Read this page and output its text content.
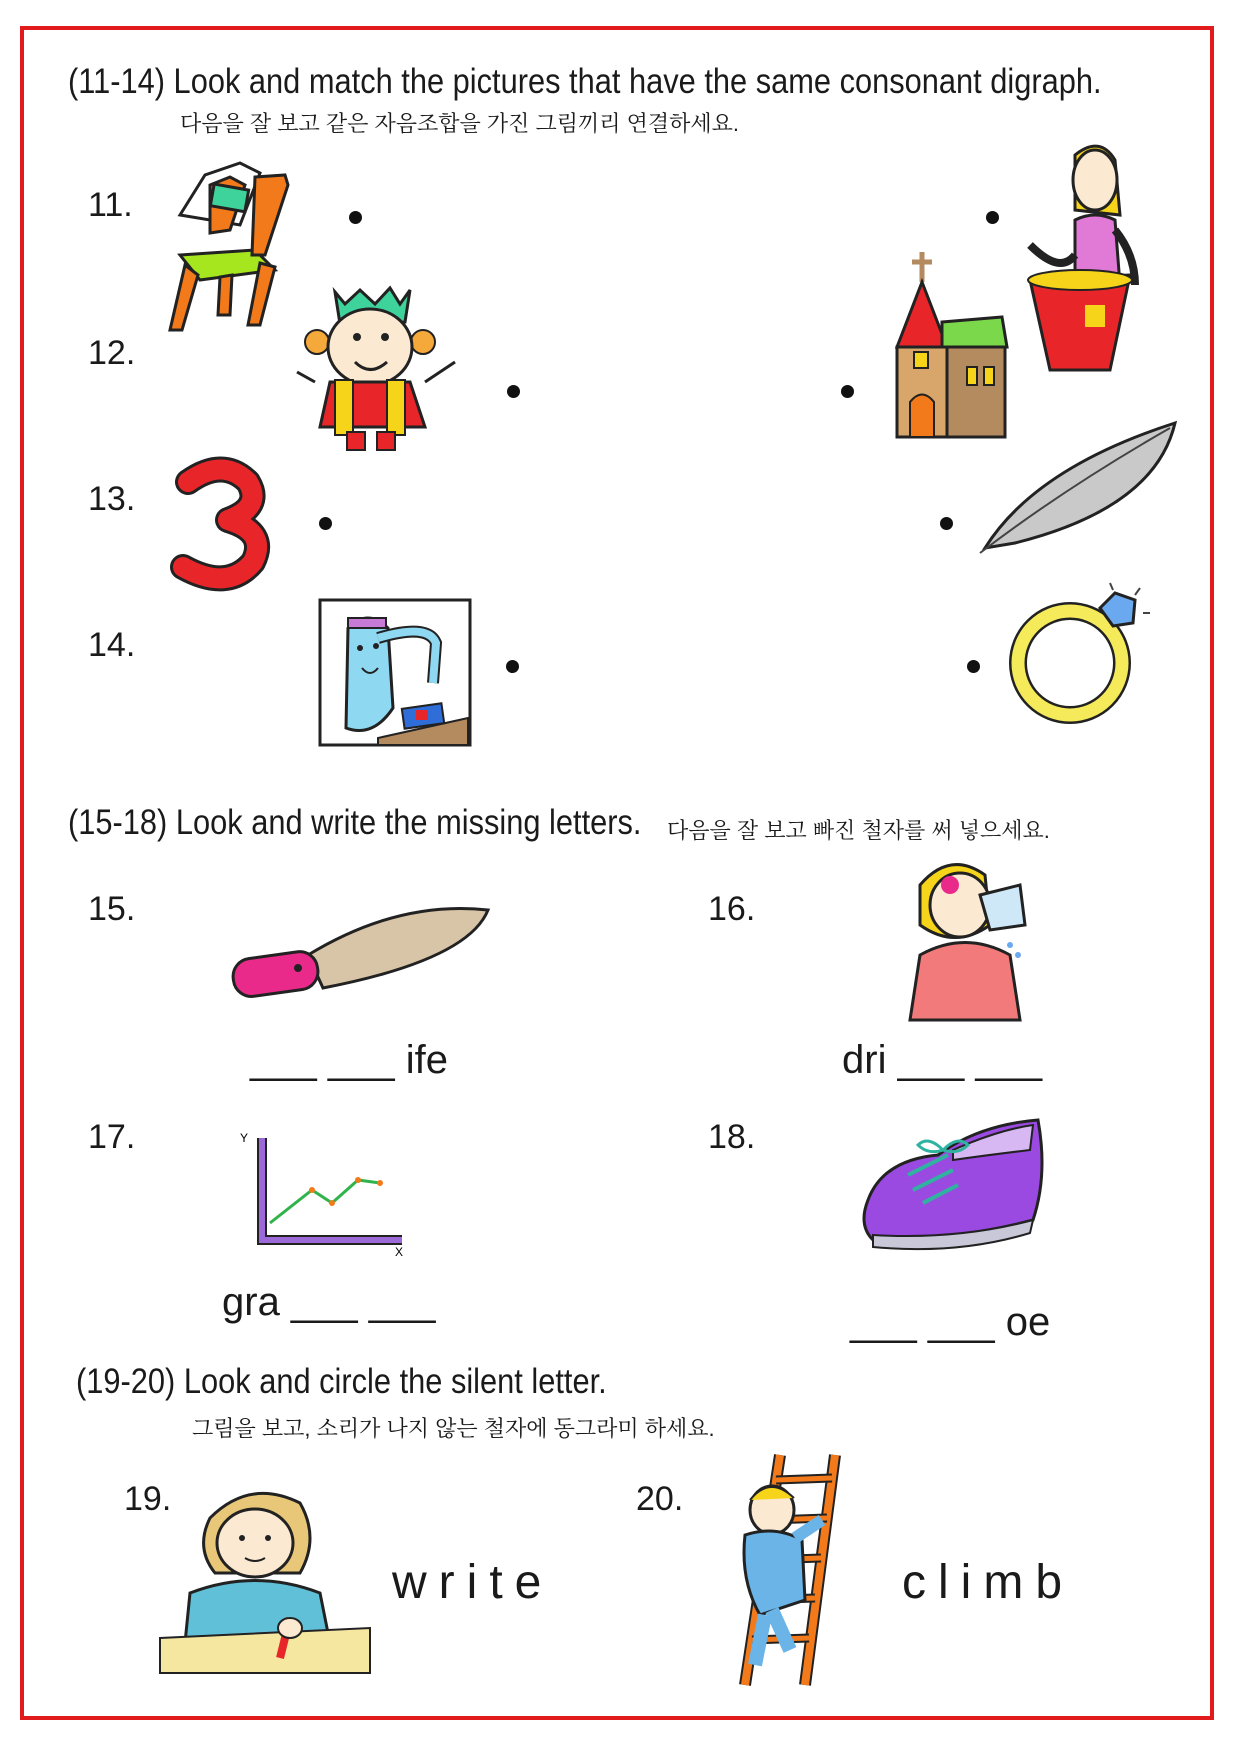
(11-14) Look and match the pictures that have the same consonant digraph.
다음을 잘 보고 같은 자음조합을 가진 그림끼리 연결하세요.
11.
12.
13.
14.
(15-18) Look and write the missing letters. 다음을 잘 보고 빠진 철자를 써 넣으세요.
15.	16.
17.	18.
Y
X
___ ___ ife	dri ___ ___
gra ___ ___	___ ___ oe
(19-20) Look and circle the silent letter.
그림을 보고, 소리가 나지 않는 철자에 동그라미 하세요.
19.	20.
write	climb
